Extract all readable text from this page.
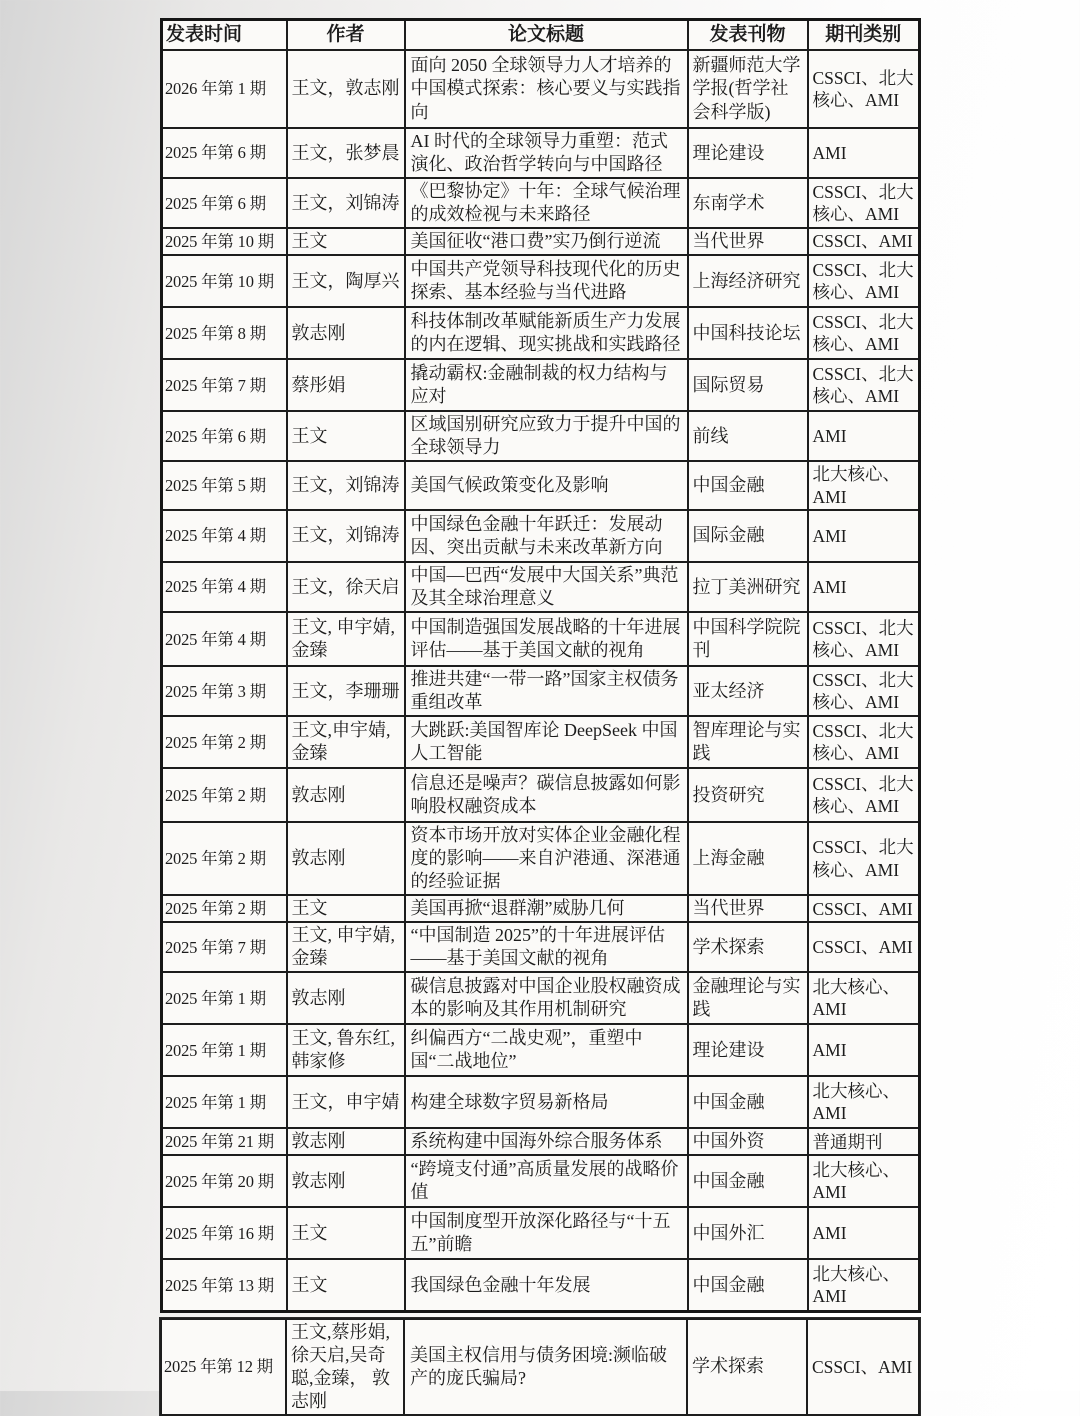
发表时间	作者	论文标题	发表刊物	期刊类别
2026 年第 1 期	王文，敦志刚	面向 2050 全球领导力人才培养的中国模式探索：核心要义与实践指向	新疆师范大学学报(哲学社会科学版)	CSSCI、北大核心、AMI
2025 年第 6 期	王文，张梦晨	AI 时代的全球领导力重塑：范式演化、政治哲学转向与中国路径	理论建设	AMI
2025 年第 6 期	王文，刘锦涛	《巴黎协定》十年：全球气候治理的成效检视与未来路径	东南学术	CSSCI、北大核心、AMI
2025 年第 10 期	王文	美国征收“港口费”实乃倒行逆流	当代世界	CSSCI、AMI
2025 年第 10 期	王文，陶厚兴	中国共产党领导科技现代化的历史探索、基本经验与当代进路	上海经济研究	CSSCI、北大核心、AMI
2025 年第 8 期	敦志刚	科技体制改革赋能新质生产力发展的内在逻辑、现实挑战和实践路径	中国科技论坛	CSSCI、北大核心、AMI
2025 年第 7 期	蔡彤娟	撬动霸权:金融制裁的权力结构与应对	国际贸易	CSSCI、北大核心、AMI
2025 年第 6 期	王文	区域国别研究应致力于提升中国的全球领导力	前线	AMI
2025 年第 5 期	王文，刘锦涛	美国气候政策变化及影响	中国金融	北大核心、AMI
2025 年第 4 期	王文，刘锦涛	中国绿色金融十年跃迁：发展动因、突出贡献与未来改革新方向	国际金融	AMI
2025 年第 4 期	王文，徐天启	中国—巴西“发展中大国关系”典范及其全球治理意义	拉丁美洲研究	AMI
2025 年第 4 期	王文, 申宇婧, 金臻	中国制造强国发展战略的十年进展评估——基于美国文献的视角	中国科学院院刊	CSSCI、北大核心、AMI
2025 年第 3 期	王文，李珊珊	推进共建“一带一路”国家主权债务重组改革	亚太经济	CSSCI、北大核心、AMI
2025 年第 2 期	王文,申宇婧, 金臻	大跳跃:美国智库论 DeepSeek 中国人工智能	智库理论与实践	CSSCI、北大核心、AMI
2025 年第 2 期	敦志刚	信息还是噪声？碳信息披露如何影响股权融资成本	投资研究	CSSCI、北大核心、AMI
2025 年第 2 期	敦志刚	资本市场开放对实体企业金融化程度的影响——来自沪港通、深港通的经验证据	上海金融	CSSCI、北大核心、AMI
2025 年第 2 期	王文	美国再掀“退群潮”威胁几何	当代世界	CSSCI、AMI
2025 年第 7 期	王文, 申宇婧, 金臻	“中国制造 2025”的十年进展评估——基于美国文献的视角	学术探索	CSSCI、AMI
2025 年第 1 期	敦志刚	碳信息披露对中国企业股权融资成本的影响及其作用机制研究	金融理论与实践	北大核心、AMI
2025 年第 1 期	王文, 鲁东红, 韩家修	纠偏西方“二战史观”，重塑中国“二战地位”	理论建设	AMI
2025 年第 1 期	王文，申宇婧	构建全球数字贸易新格局	中国金融	北大核心、AMI
2025 年第 21 期	敦志刚	系统构建中国海外综合服务体系	中国外资	普通期刊
2025 年第 20 期	敦志刚	“跨境支付通”高质量发展的战略价值	中国金融	北大核心、AMI
2025 年第 16 期	王文	中国制度型开放深化路径与“十五五”前瞻	中国外汇	AMI
2025 年第 13 期	王文	我国绿色金融十年发展	中国金融	北大核心、AMI
2025 年第 12 期	王文,蔡彤娟,徐天启,吴奇聪,金臻， 敦志刚	美国主权信用与债务困境:濒临破产的庞氏骗局?	学术探索	CSSCI、AMI
